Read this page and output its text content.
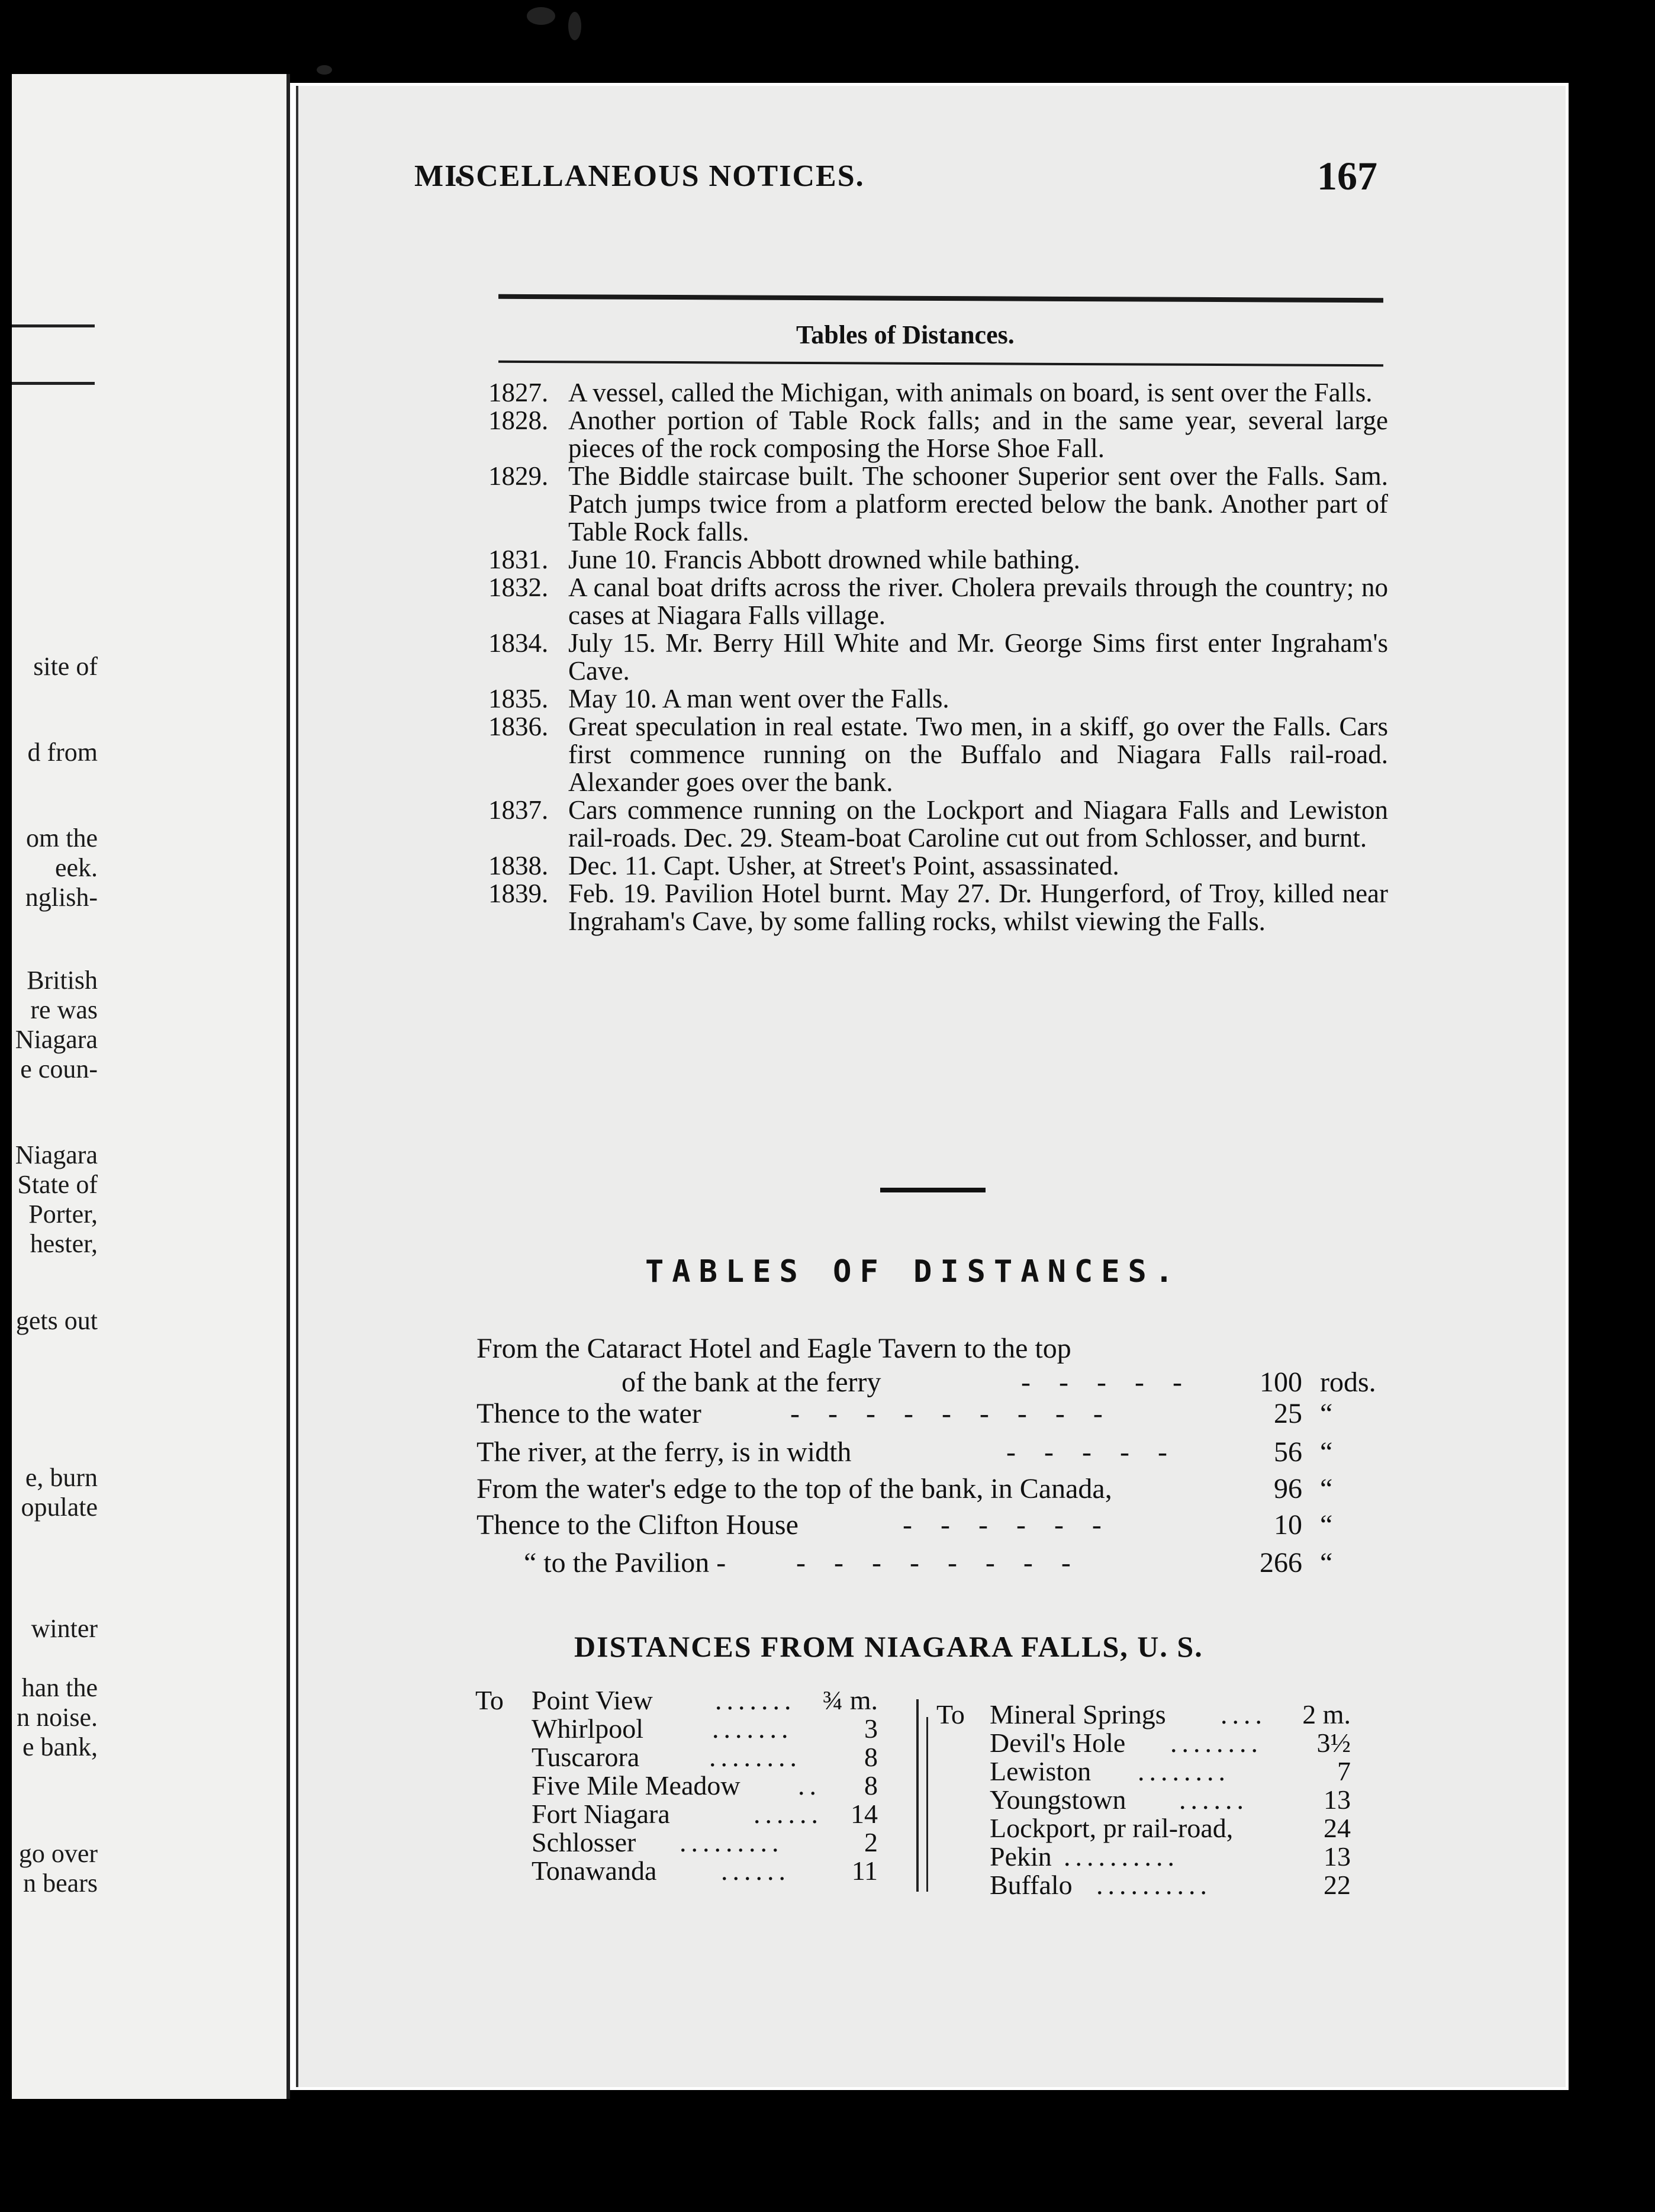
site of
d from
om the
eek.
nglish-
British
re was
Niagara
e coun-
Niagara
State of
Porter,
hester,
gets out
e, burn
opulate
winter
han the
n noise.
e bank,
go over
n bears
MISCELLANEOUS NOTICES.	167
Tables of Distances.
1827. A vessel, called the Michigan, with animals on board, is sent over the Falls.
1828. Another portion of Table Rock falls; and in the same year, several large pieces of the rock composing the Horse Shoe Fall.
1829. The Biddle staircase built. The schooner Superior sent over the Falls. Sam. Patch jumps twice from a platform erected below the bank. Another part of Table Rock falls.
1831. June 10. Francis Abbott drowned while bathing.
1832. A canal boat drifts across the river. Cholera prevails through the country; no cases at Niagara Falls village.
1834. July 15. Mr. Berry Hill White and Mr. George Sims first enter Ingraham's Cave.
1835. May 10. A man went over the Falls.
1836. Great speculation in real estate. Two men, in a skiff, go over the Falls. Cars first commence running on the Buffalo and Niagara Falls rail-road. Alexander goes over the bank.
1837. Cars commence running on the Lockport and Niagara Falls and Lewiston rail-roads. Dec. 29. Steam-boat Caroline cut out from Schlosser, and burnt.
1838. Dec. 11. Capt. Usher, at Street's Point, assassinated.
1839. Feb. 19. Pavilion Hotel burnt. May 27. Dr. Hungerford, of Troy, killed near Ingraham's Cave, by some falling rocks, whilst viewing the Falls.
TABLES OF DISTANCES.
From the Cataract Hotel and Eagle Tavern to the top
of the bank at the ferry	- - - - - 100 rods.
Thence to the water	- - - - - - - - -	25 “
The river, at the ferry, is in width	- - - - -	56 “
From the water's edge to the top of the bank, in Canada,	96 “
Thence to the Clifton House	- - - - - -	10 “
“ to the Pavilion - - - - - - - - -	266 “
DISTANCES FROM NIAGARA FALLS, U. S.
To Point View ....... ¾ m.
Whirlpool	.......	3
Tuscarora	........	8
Five Mile Meadow ..	8
Fort Niagara	......	14
Schlosser .........	2
Tonawanda ......	11
To Mineral Springs ....	2 m.
Devil's Hole ........	3½
Lewiston ........	7
Youngstown ......	13
Lockport, pr rail-road,	24
Pekin ..........	13
Buffalo ..........	22
